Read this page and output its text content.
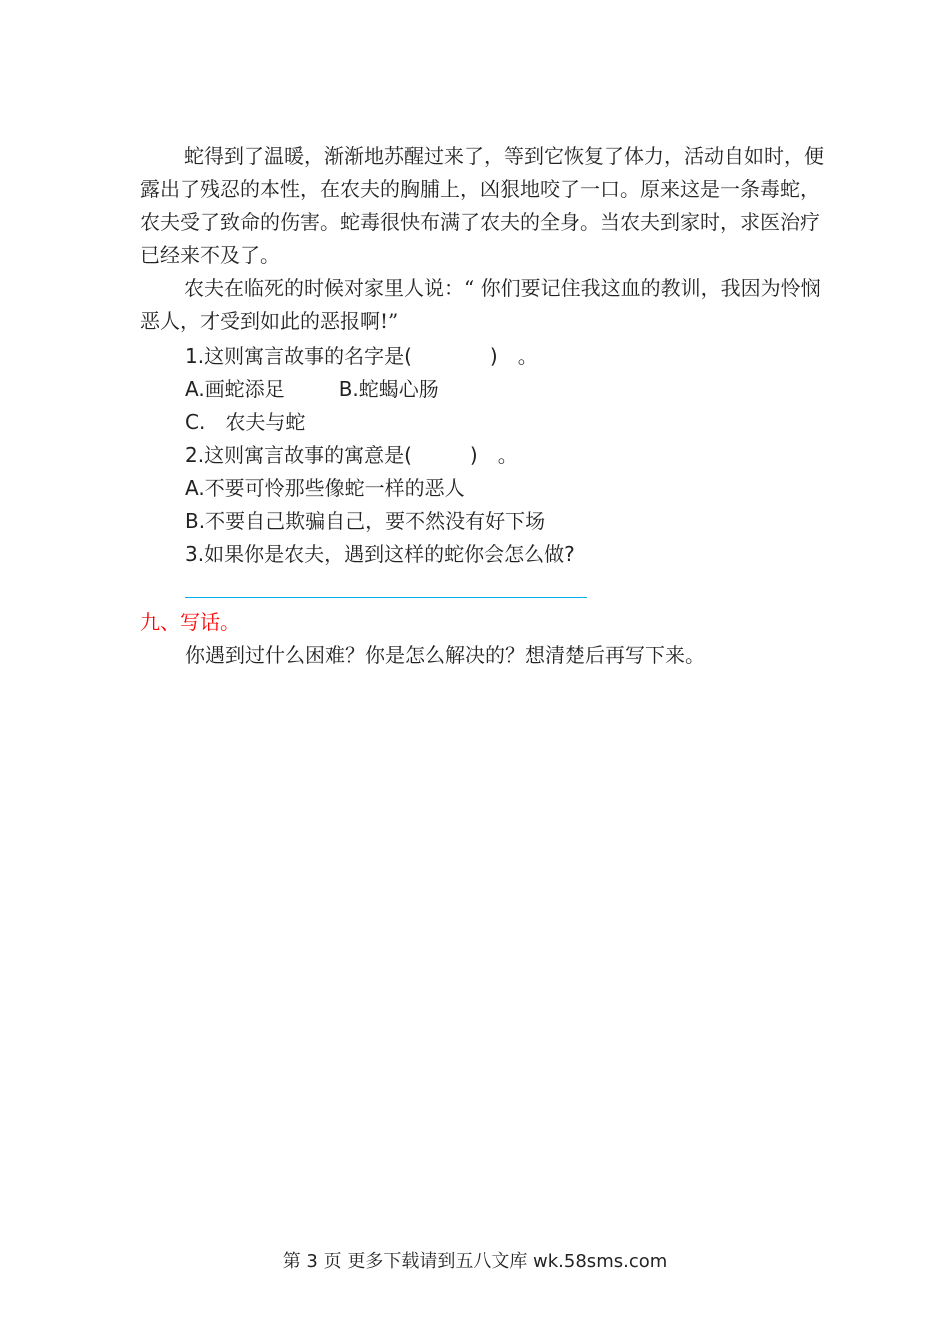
蛇得到了温暖，渐渐地苏醒过来了，等到它恢复了体力，活动自如时，便露出了残忍的本性，在农夫的胸脯上，凶狠地咬了一口。原来这是一条毒蛇，农夫受了致命的伤害。蛇毒很快布满了农夫的全身。当农夫到家时，求医治疗已经来不及了。

农夫在临死的时候对家里人说：“ 你们要记住我这血的教训，我因为怜悯恶人，才受到如此的恶报啊!”

1.这则寓言故事的名字是(	)　。
A.画蛇添足	B.蛇蝎心肠
C.　农夫与蛇
2.这则寓言故事的寓意是(	)　。
A.不要可怜那些像蛇一样的恶人
B.不要自己欺骗自己，要不然没有好下场
3.如果你是农夫，遇到这样的蛇你会怎么做?

九、写话。

你遇到过什么困难？你是怎么解决的？想清楚后再写下来。
第 3 页 更多下载请到五八文库 wk.58sms.com
